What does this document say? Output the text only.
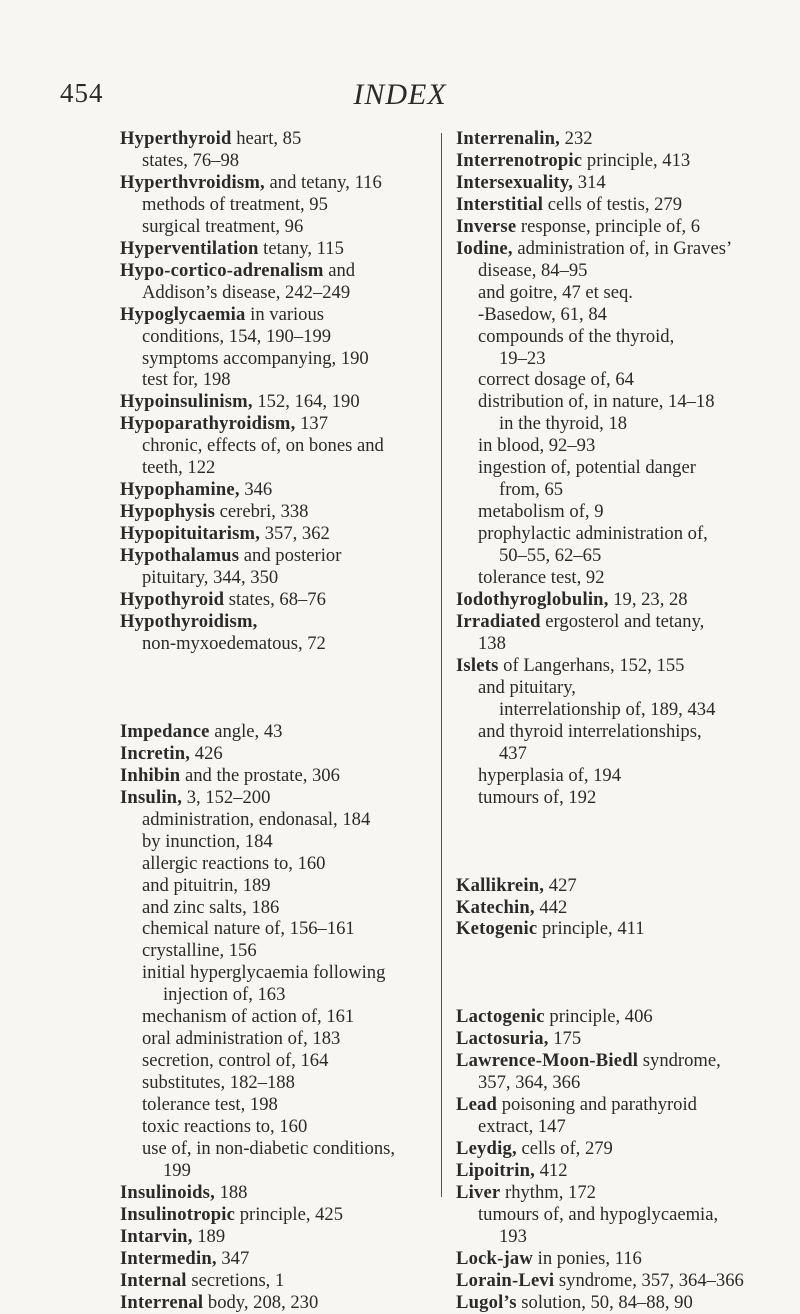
454	INDEX
Hyperthyroid heart, 85
states, 76–98
Hyperthvroidism, and tetany, 116
methods of treatment, 95
surgical treatment, 96
Hyperventilation tetany, 115
Hypo-cortico-adrenalism and
Addison’s disease, 242–249
Hypoglycaemia in various
conditions, 154, 190–199
symptoms accompanying, 190
test for, 198
Hypoinsulinism, 152, 164, 190
Hypoparathyroidism, 137
chronic, effects of, on bones and
teeth, 122
Hypophamine, 346
Hypophysis cerebri, 338
Hypopituitarism, 357, 362
Hypothalamus and posterior
pituitary, 344, 350
Hypothyroid states, 68–76
Hypothyroidism,
non-myxoedematous, 72
Impedance angle, 43
Incretin, 426
Inhibin and the prostate, 306
Insulin, 3, 152–200
administration, endonasal, 184
by inunction, 184
allergic reactions to, 160
and pituitrin, 189
and zinc salts, 186
chemical nature of, 156–161
crystalline, 156
initial hyperglycaemia following
injection of, 163
mechanism of action of, 161
oral administration of, 183
secretion, control of, 164
substitutes, 182–188
tolerance test, 198
toxic reactions to, 160
use of, in non-diabetic conditions,
199
Insulinoids, 188
Insulinotropic principle, 425
Intarvin, 189
Intermedin, 347
Internal secretions, 1
Interrenal body, 208, 230
Interrenalin, 232
Interrenotropic principle, 413
Intersexuality, 314
Interstitial cells of testis, 279
Inverse response, principle of, 6
Iodine, administration of, in Graves’
disease, 84–95
and goitre, 47 et seq.
-Basedow, 61, 84
compounds of the thyroid,
19–23
correct dosage of, 64
distribution of, in nature, 14–18
in the thyroid, 18
in blood, 92–93
ingestion of, potential danger
from, 65
metabolism of, 9
prophylactic administration of,
50–55, 62–65
tolerance test, 92
Iodothyroglobulin, 19, 23, 28
Irradiated ergosterol and tetany,
138
Islets of Langerhans, 152, 155
and pituitary,
interrelationship of, 189, 434
and thyroid interrelationships,
437
hyperplasia of, 194
tumours of, 192
Kallikrein, 427
Katechin, 442
Ketogenic principle, 411
Lactogenic principle, 406
Lactosuria, 175
Lawrence-Moon-Biedl syndrome,
357, 364, 366
Lead poisoning and parathyroid
extract, 147
Leydig, cells of, 279
Lipoitrin, 412
Liver rhythm, 172
tumours of, and hypoglycaemia,
193
Lock-jaw in ponies, 116
Lorain-Levi syndrome, 357, 364–366
Lugol’s solution, 50, 84–88, 90
